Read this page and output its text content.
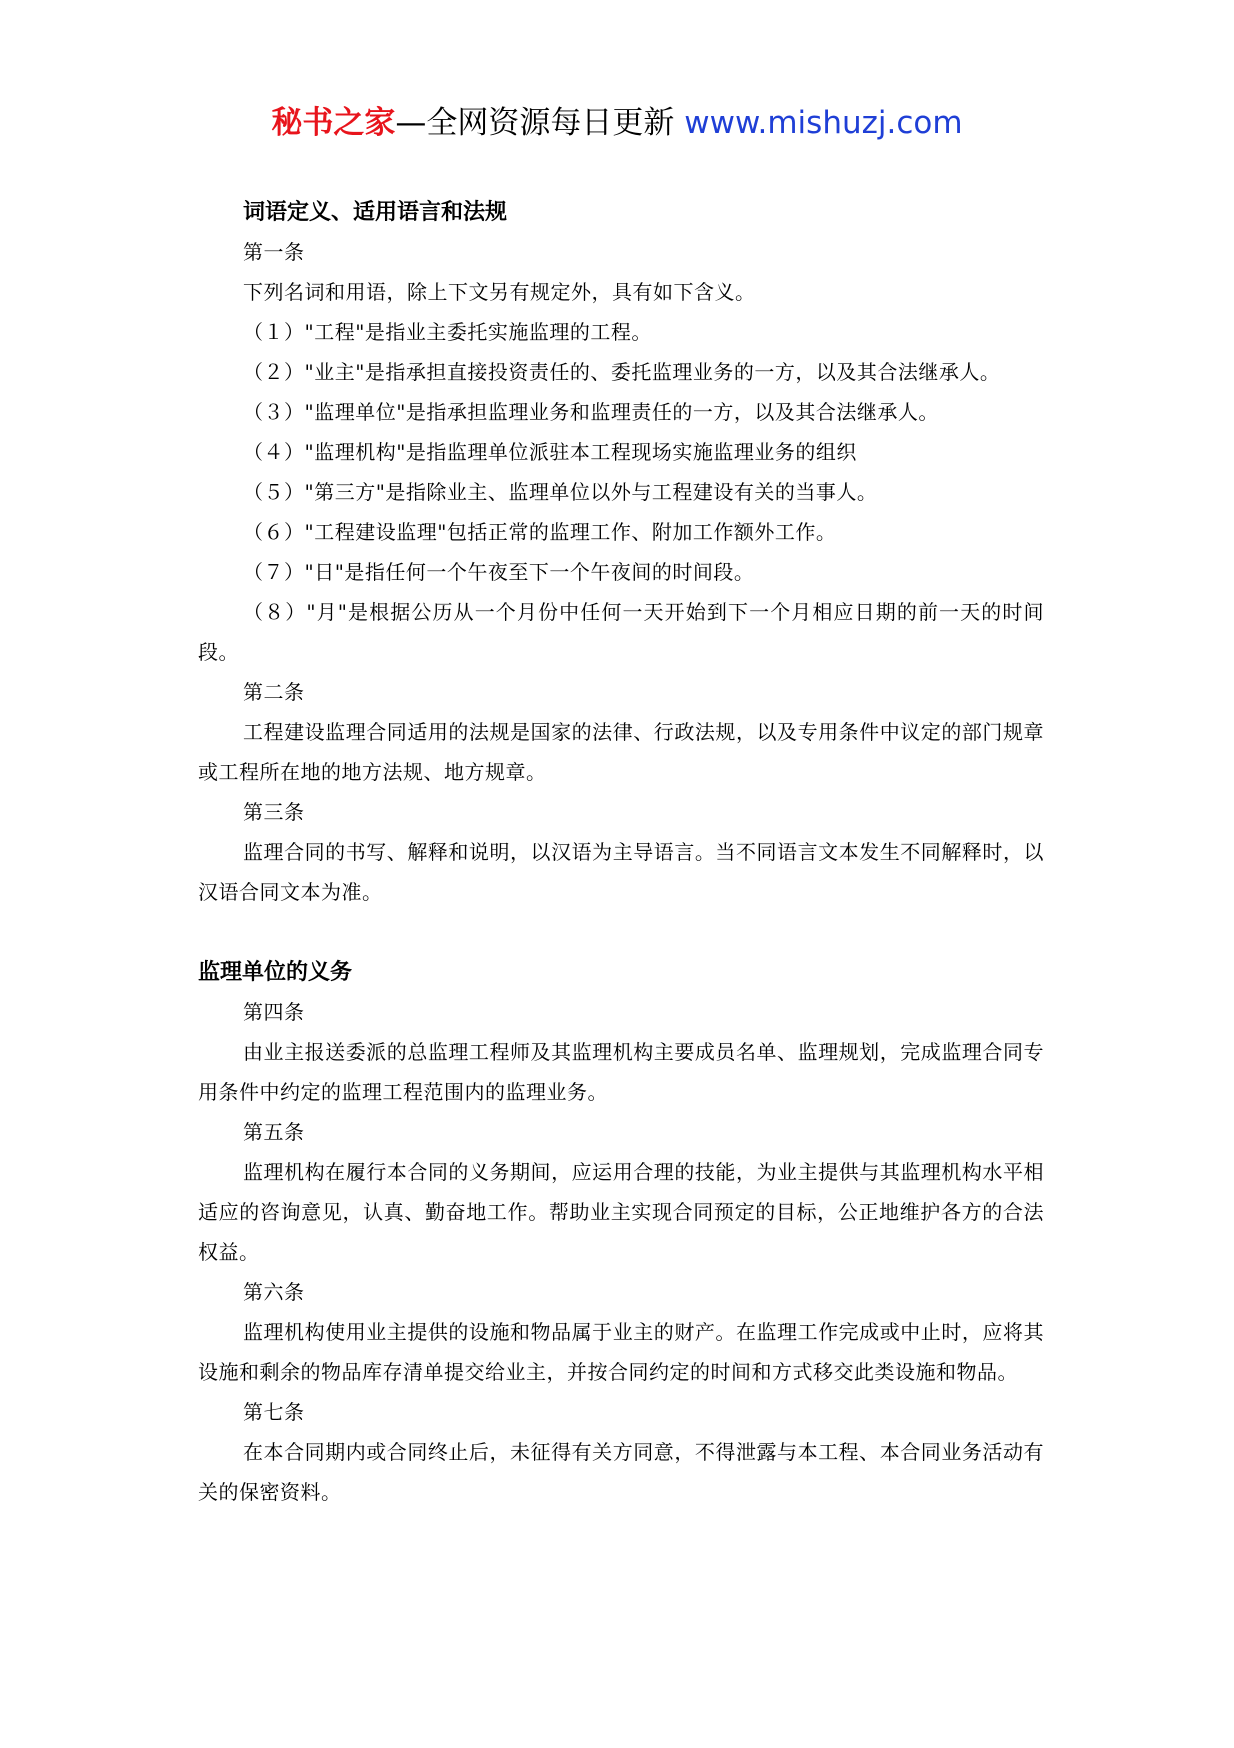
秘书之家—全网资源每日更新 www.mishuzj.com
词语定义、适用语言和法规

第一条

下列名词和用语，除上下文另有规定外，具有如下含义。

（１）"工程"是指业主委托实施监理的工程。

（２）"业主"是指承担直接投资责任的、委托监理业务的一方，以及其合法继承人。

（３）"监理单位"是指承担监理业务和监理责任的一方，以及其合法继承人。

（４）"监理机构"是指监理单位派驻本工程现场实施监理业务的组织

（５）"第三方"是指除业主、监理单位以外与工程建设有关的当事人。

（６）"工程建设监理"包括正常的监理工作、附加工作额外工作。

（７）"日"是指任何一个午夜至下一个午夜间的时间段。

（８）"月"是根据公历从一个月份中任何一天开始到下一个月相应日期的前一天的时间段。

第二条

工程建设监理合同适用的法规是国家的法律、行政法规，以及专用条件中议定的部门规章或工程所在地的地方法规、地方规章。

第三条

监理合同的书写、解释和说明，以汉语为主导语言。当不同语言文本发生不同解释时，以汉语合同文本为准。

监理单位的义务

第四条

由业主报送委派的总监理工程师及其监理机构主要成员名单、监理规划，完成监理合同专用条件中约定的监理工程范围内的监理业务。

第五条

监理机构在履行本合同的义务期间，应运用合理的技能，为业主提供与其监理机构水平相适应的咨询意见，认真、勤奋地工作。帮助业主实现合同预定的目标，公正地维护各方的合法权益。

第六条

监理机构使用业主提供的设施和物品属于业主的财产。在监理工作完成或中止时，应将其设施和剩余的物品库存清单提交给业主，并按合同约定的时间和方式移交此类设施和物品。

第七条

在本合同期内或合同终止后，未征得有关方同意，不得泄露与本工程、本合同业务活动有关的保密资料。
